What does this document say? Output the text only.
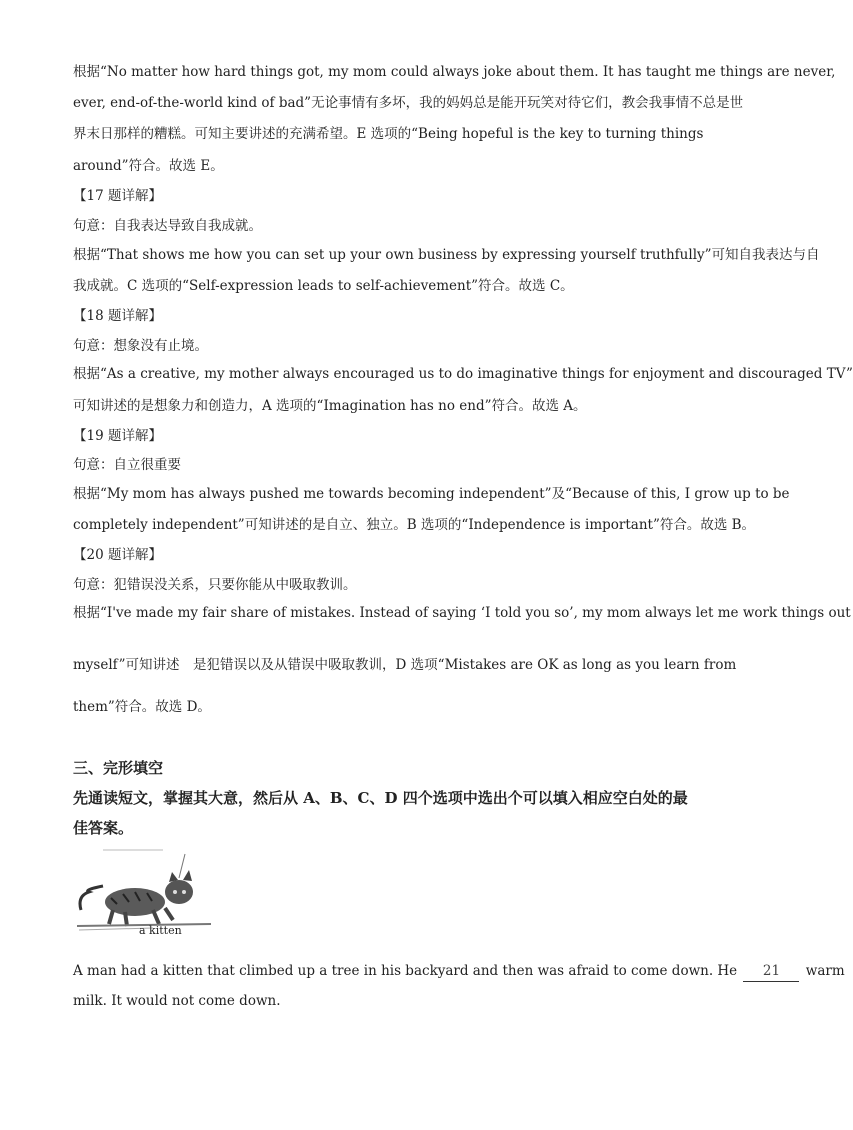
根据“No matter how hard things got, my mom could always joke about them. It has taught me things are never,
ever, end-of-the-world kind of bad”无论事情有多坏，我的妈妈总是能开玩笑对待它们，教会我事情不总是世
界末日那样的糟糕。可知主要讲述的充满希望。E 选项的“Being hopeful is the key to turning things
around”符合。故选 E。
【17 题详解】
句意：自我表达导致自我成就。
根据“That shows me how you can set up your own business by expressing yourself truthfully”可知自我表达与自
我成就。C 选项的“Self-expression leads to self-achievement”符合。故选 C。
【18 题详解】
句意：想象没有止境。
根据“As a creative, my mother always encouraged us to do imaginative things for enjoyment and discouraged TV”
可知讲述的是想象力和创造力，A 选项的“Imagination has no end”符合。故选 A。
【19 题详解】
句意：自立很重要
根据“My mom has always pushed me towards becoming independent”及“Because of this, I grow up to be
completely independent”可知讲述的是自立、独立。B 选项的“Independence is important”符合。故选 B。
【20 题详解】
句意：犯错误没关系，只要你能从中吸取教训。
根据“I've made my fair share of mistakes. Instead of saying ‘I told you so’, my mom always let me work things out
myself”可知讲述　是犯错误以及从错误中吸取教训，D 选项“Mistakes are OK as long as you learn from
them”符合。故选 D。
三、完形填空
先通读短文，掌握其大意，然后从 A、B、C、D 四个选项中选出个可以填入相应空白处的最
佳答案。
a kitten
A man had a kitten that climbed up a tree in his backyard and then was afraid to come down. He 21 warm
milk. It would not come down.
